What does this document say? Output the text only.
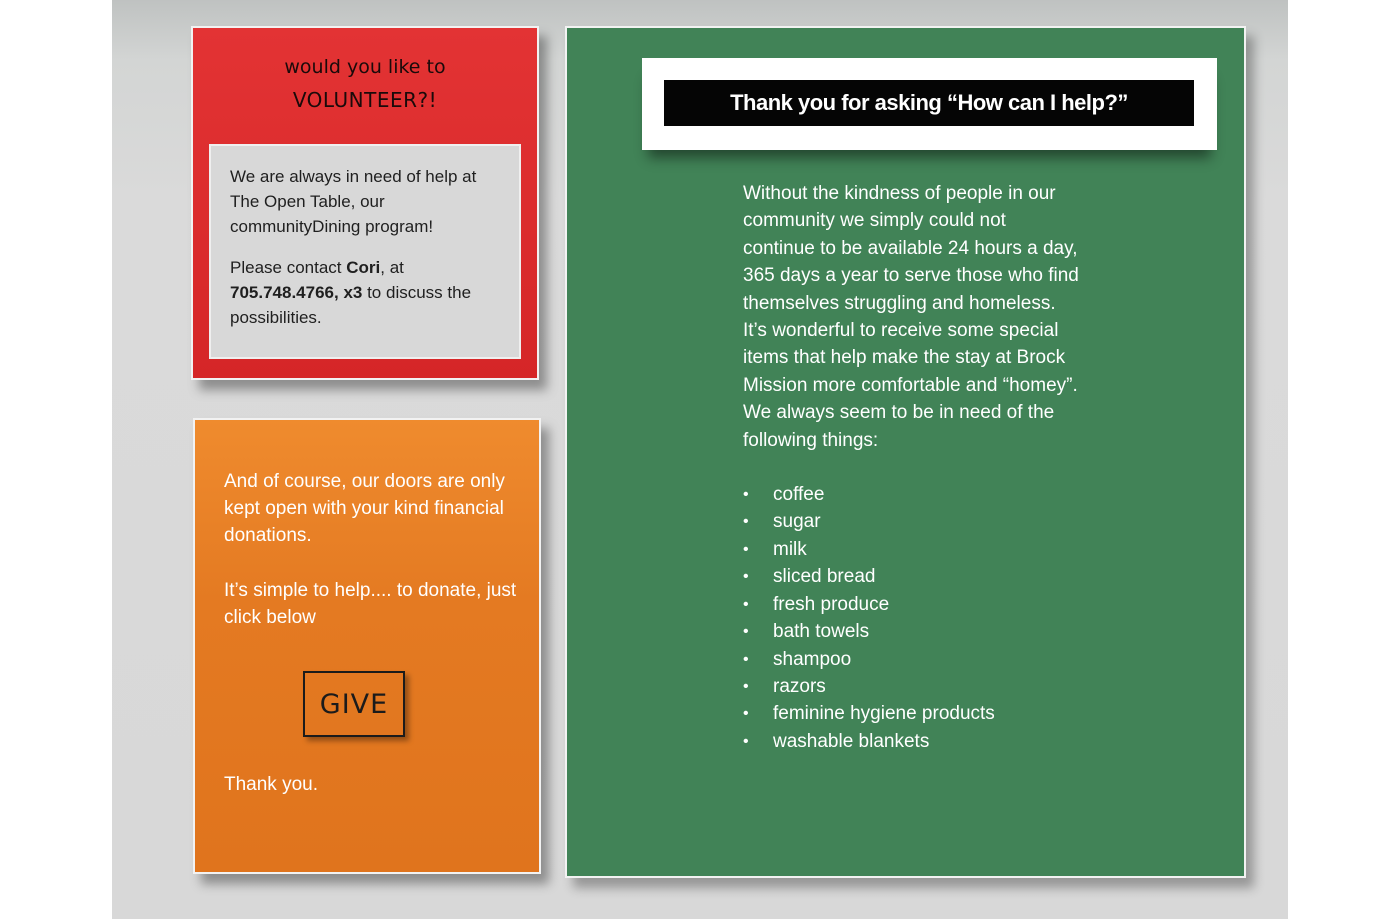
would you like to
VOLUNTEER?!

We are always in need of help at The Open Table, our communityDining program!

Please contact Cori, at 705.748.4766, x3 to discuss the possibilities.

And of course, our doors are only kept open with your kind financial donations.

It’s simple to help.... to donate, just click below

GIVE

Thank you.

Thank you for asking “How can I help?”

Without the kindness of people in our community we simply could not continue to be available 24 hours a day, 365 days a year to serve those who find themselves struggling and homeless.

It’s wonderful to receive some special items that help make the stay at Brock Mission more comfortable and “homey”. We always seem to be in need of the following things:

• coffee
• sugar
• milk
• sliced bread
• fresh produce
• bath towels
• shampoo
• razors
• feminine hygiene products
• washable blankets
